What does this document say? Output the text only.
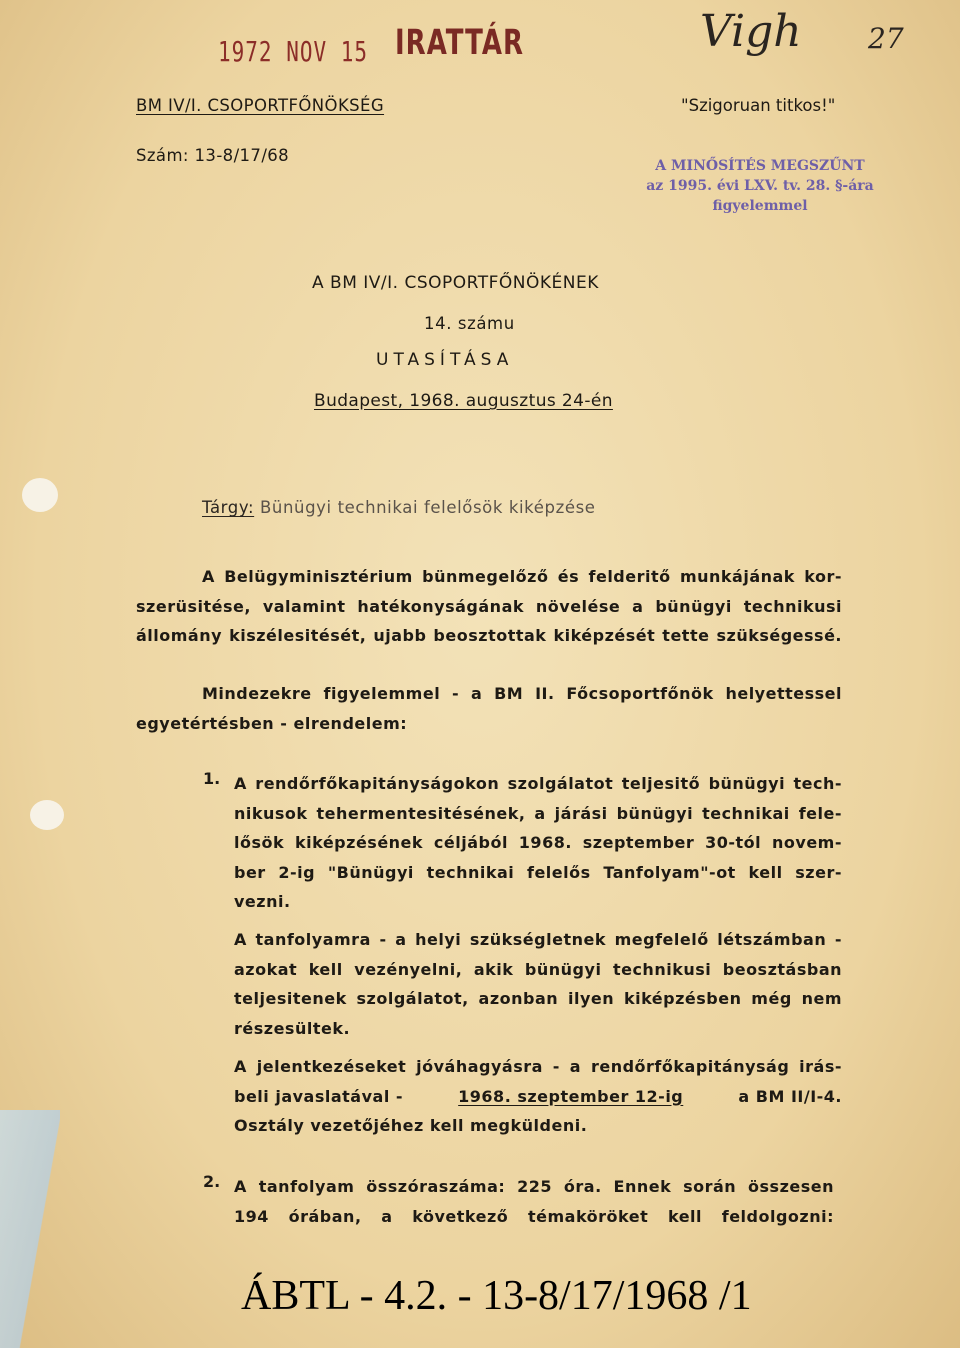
1972 NOV 15 IRATTÁR	Vigh 27
BM IV/I. CSOPORTFŐNÖKSÉG	"Szigoruan titkos!"
Szám: 13-8/17/68
A MINŐSÍTÉS MEGSZŰNT
az 1995. évi LXV. tv. 28. §-ára
figyelemmel
A BM IV/I. CSOPORTFŐNÖKÉNEK
14. számu
UTASÍTÁSA
Budapest, 1968. augusztus 24-én
Tárgy: Bünügyi technikai felelősök kiképzése
A Belügyminisztérium bünmegelőző és felderitő munkájának kor-
szerüsitése, valamint hatékonyságának növelése a bünügyi technikusi
állomány kiszélesitését, ujabb beosztottak kiképzését tette szükségessé.
Mindezekre figyelemmel - a BM II. Főcsoportfőnök helyettessel
egyetértésben - elrendelem:
1. A rendőrfőkapitányságokon szolgálatot teljesitő bünügyi tech-
nikusok tehermentesitésének, a járási bünügyi technikai fele-
lősök kiképzésének céljából 1968. szeptember 30-tól novem-
ber 2-ig "Bünügyi technikai felelős Tanfolyam"-ot kell szer-
vezni.
A tanfolyamra - a helyi szükségletnek megfelelő létszámban -
azokat kell vezényelni, akik bünügyi technikusi beosztásban
teljesitenek szolgálatot, azonban ilyen kiképzésben még nem
részesültek.
A jelentkezéseket jóváhagyásra - a rendőrfőkapitányság irás-
beli javaslatával -	1968. szeptember 12-ig	a BM II/I-4.
Osztály vezetőjéhez kell megküldeni.
2. A tanfolyam összóraszáma: 225 óra. Ennek során összesen
194 órában, a következő témaköröket kell feldolgozni:
ÁBTL - 4.2. - 13-8/17/1968 /1
